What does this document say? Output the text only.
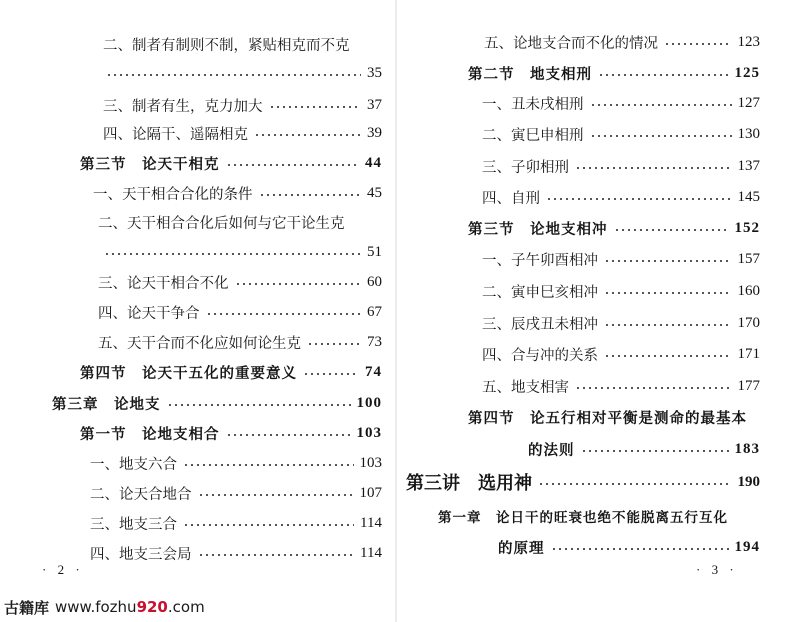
二、制者有制则不制，紧贴相克而不克
35
三、制者有生，克力加大	37
四、论隔干、遥隔相克	39
第三节　论天干相克	44
一、天干相合合化的条件	45
二、天干相合合化后如何与它干论生克
51
三、论天干相合不化	60
四、论天干争合	67
五、天干合而不化应如何论生克	73
第四节　论天干五化的重要意义	74
第三章　论地支	100
第一节　论地支相合	103
一、地支六合	103
二、论天合地合	107
三、地支三合	114
四、地支三会局	114
· 2 ·
五、论地支合而不化的情况	123
第二节　地支相刑	125
一、丑未戌相刑	127
二、寅巳申相刑	130
三、子卯相刑	137
四、自刑	145
第三节　论地支相冲	152
一、子午卯酉相冲	157
二、寅申巳亥相冲	160
三、辰戌丑未相冲	170
四、合与冲的关系	171
五、地支相害	177
第四节　论五行相对平衡是测命的最基本
的法则	183
第三讲　选用神	190
第一章　论日干的旺衰也绝不能脱离五行互化
的原理	194
· 3 ·
古籍库 www.fozhu 920 .com
